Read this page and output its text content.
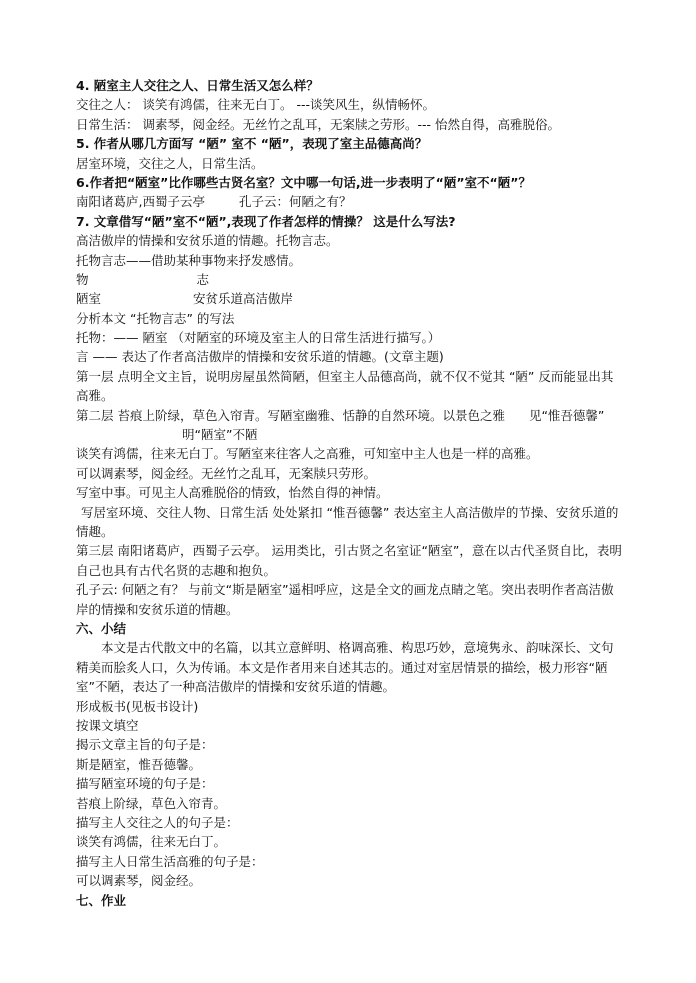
4. 陋室主人交往之人、日常生活又怎么样？
交往之人： 谈笑有鸿儒，往来无白丁。 ---谈笑风生，纵情畅怀。
日常生活： 调素琴，阅金经。无丝竹之乱耳，无案牍之劳形。--- 怡然自得，高雅脱俗。
5. 作者从哪几方面写 “陋” 室不 “陋”，表现了室主品德高尚？
居室环境，交往之人，日常生活。
6.作者把“陋室”比作哪些古贤名室？文中哪一句话,进一步表明了“陋”室不“陋”？
南阳诸葛庐,西蜀子云亭	孔子云：何陋之有？
7. 文章借写“陋”室不“陋”,表现了作者怎样的情操？ 这是什么写法?
高洁傲岸的情操和安贫乐道的情趣。托物言志。
托物言志——借助某种事物来抒发感情。
物	志
陋室	安贫乐道高洁傲岸
分析本文 “托物言志” 的写法
托物：—— 陋室 （对陋室的环境及室主人的日常生活进行描写。）
言 —— 表达了作者高洁傲岸的情操和安贫乐道的情趣。(文章主题)
第一层 点明全文主旨，说明房屋虽然简陋，但室主人品德高尚，就不仅不觉其 “陋” 反而能显出其高雅。
第二层 苔痕上阶绿，草色入帘青。写陋室幽雅、恬静的自然环境。以景色之雅 见“惟吾德馨”
明“陋室”不陋
谈笑有鸿儒，往来无白丁。写陋室来往客人之高雅，可知室中主人也是一样的高雅。
可以调素琴，阅金经。无丝竹之乱耳，无案牍只劳形。
写室中事。可见主人高雅脱俗的情致，怡然自得的神情。
写居室环境、交往人物、日常生活 处处紧扣 “惟吾德馨” 表达室主人高洁傲岸的节操、安贫乐道的情趣。
第三层 南阳诸葛庐，西蜀子云亭。 运用类比，引古贤之名室证“陋室”，意在以古代圣贤自比，表明自己也具有古代名贤的志趣和抱负。
孔子云: 何陋之有？ 与前文“斯是陋室”遥相呼应，这是全文的画龙点睛之笔。突出表明作者高洁傲岸的情操和安贫乐道的情趣。
六、小结
本文是古代散文中的名篇，以其立意鲜明、格调高雅、构思巧妙，意境隽永、韵味深长、文句精美而脍炙人口，久为传诵。本文是作者用来自述其志的。通过对室居情景的描绘，极力形容“陋室”不陋，表达了一种高洁傲岸的情操和安贫乐道的情趣。
形成板书(见板书设计)
按课文填空
揭示文章主旨的句子是：
斯是陋室，惟吾德馨。
描写陋室环境的句子是：
苔痕上阶绿，草色入帘青。
描写主人交往之人的句子是：
谈笑有鸿儒，往来无白丁。
描写主人日常生活高雅的句子是：
可以调素琴，阅金经。
七、作业
